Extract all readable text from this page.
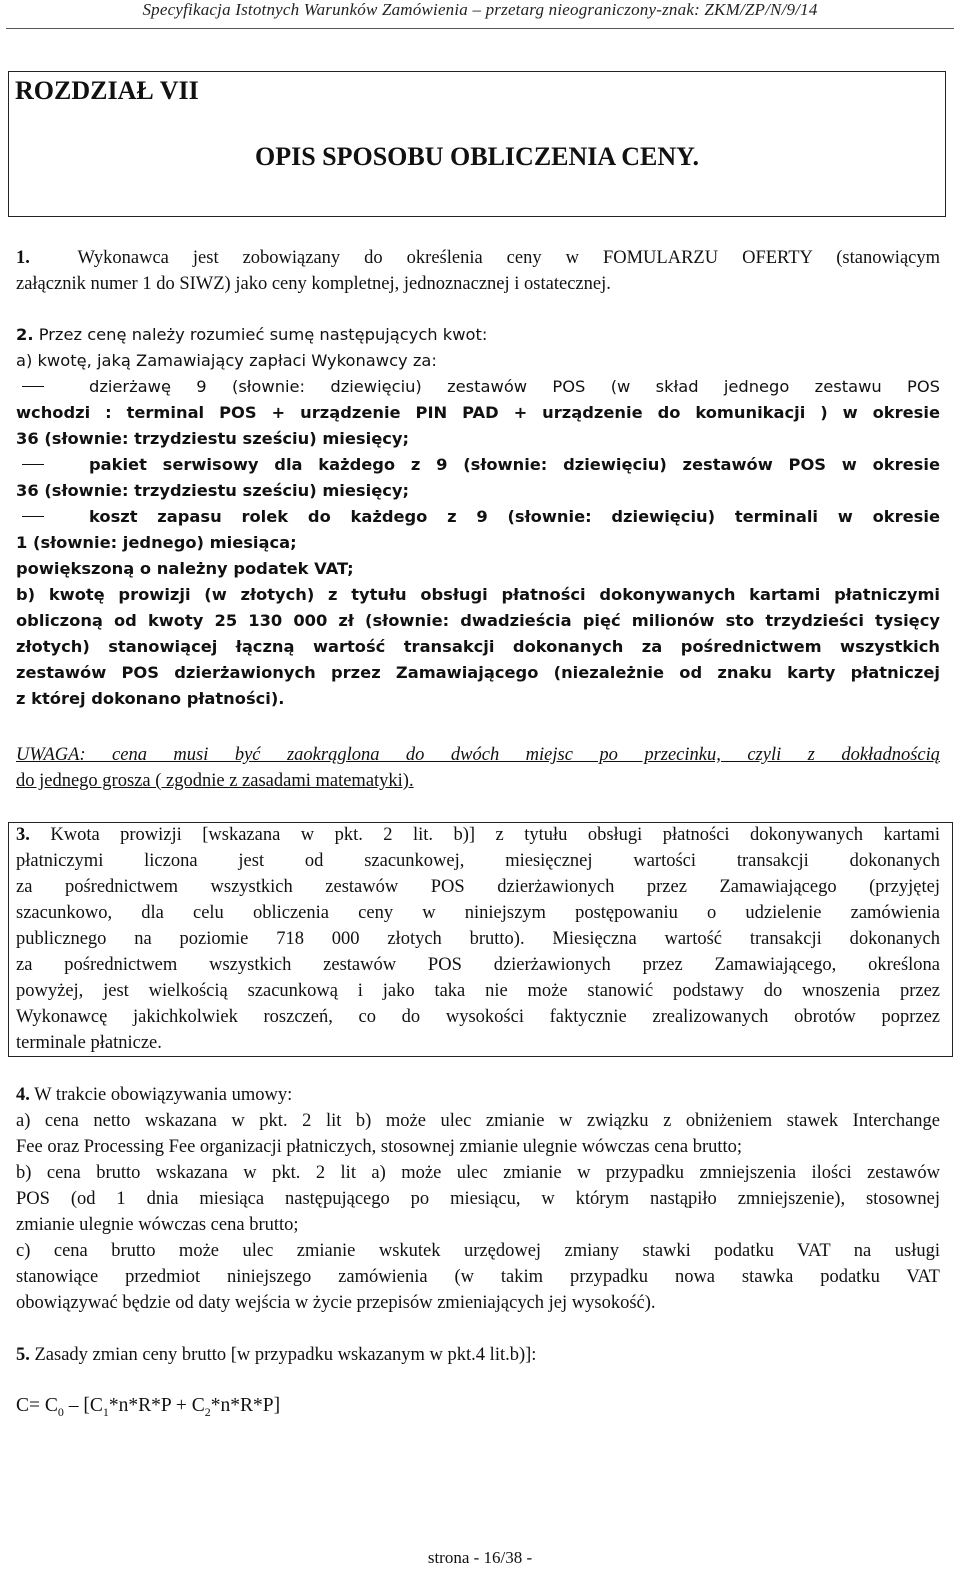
Specyfikacja Istotnych Warunków Zamówienia – przetarg nieograniczony-znak: ZKM/ZP/N/9/14
ROZDZIAŁ VII
OPIS SPOSOBU OBLICZENIA CENY.

1.	Wykonawca jest zobowiązany do określenia ceny w FOMULARZU OFERTY (stanowiącym

załącznik numer 1 do SIWZ) jako ceny kompletnej, jednoznacznej i ostatecznej.

2. Przez cenę należy rozumieć sumę następujących kwot:

a) kwotę, jaką Zamawiający zapłaci Wykonawcy za:

dzierżawę 9 (słownie: dziewięciu) zestawów POS (w skład jednego zestawu POS

wchodzi : terminal POS + urządzenie PIN PAD + urządzenie do komunikacji ) w okresie

36 (słownie: trzydziestu sześciu) miesięcy;

pakiet serwisowy dla każdego z 9 (słownie: dziewięciu) zestawów POS w okresie

36 (słownie: trzydziestu sześciu) miesięcy;

koszt zapasu rolek do każdego z 9 (słownie: dziewięciu) terminali w okresie

1 (słownie: jednego) miesiąca;

powiększoną o należny podatek VAT;

b) kwotę prowizji (w złotych) z tytułu obsługi płatności dokonywanych kartami płatniczymi

obliczoną od kwoty 25 130 000 zł (słownie: dwadzieścia pięć milionów sto trzydzieści tysięcy

złotych) stanowiącej łączną wartość transakcji dokonanych za pośrednictwem wszystkich

zestawów POS dzierżawionych przez Zamawiającego (niezależnie od znaku karty płatniczej

z której dokonano płatności).

UWAGA: cena musi być zaokrąglona do dwóch miejsc po przecinku, czyli z dokładnością

do jednego grosza ( zgodnie z zasadami matematyki).

3. Kwota prowizji [wskazana w pkt. 2 lit. b)] z tytułu obsługi płatności dokonywanych kartami

płatniczymi liczona jest od szacunkowej, miesięcznej wartości transakcji dokonanych

za pośrednictwem wszystkich zestawów POS dzierżawionych przez Zamawiającego (przyjętej

szacunkowo, dla celu obliczenia ceny w niniejszym postępowaniu o udzielenie zamówienia

publicznego na poziomie 718 000 złotych brutto). Miesięczna wartość transakcji dokonanych

za pośrednictwem wszystkich zestawów POS dzierżawionych przez Zamawiającego, określona

powyżej, jest wielkością szacunkową i jako taka nie może stanowić podstawy do wnoszenia przez

Wykonawcę jakichkolwiek roszczeń, co do wysokości faktycznie zrealizowanych obrotów poprzez

terminale płatnicze.

4. W trakcie obowiązywania umowy:

a) cena netto wskazana w pkt. 2 lit b) może ulec zmianie w związku z obniżeniem stawek Interchange

Fee oraz Processing Fee organizacji płatniczych, stosownej zmianie ulegnie wówczas cena brutto;

b) cena brutto wskazana w pkt. 2 lit a) może ulec zmianie w przypadku zmniejszenia ilości zestawów

POS (od 1 dnia miesiąca następującego po miesiącu, w którym nastąpiło zmniejszenie), stosownej

zmianie ulegnie wówczas cena brutto;

c) cena brutto może ulec zmianie wskutek urzędowej zmiany stawki podatku VAT na usługi

stanowiące przedmiot niniejszego zamówienia (w takim przypadku nowa stawka podatku VAT

obowiązywać będzie od daty wejścia w życie przepisów zmieniających jej wysokość).

5. Zasady zmian ceny brutto [w przypadku wskazanym w pkt.4 lit.b)]:

$C= C_0 - [C_1*n*R*P + C_2*n*R*P]$
strona - 16/38 -
